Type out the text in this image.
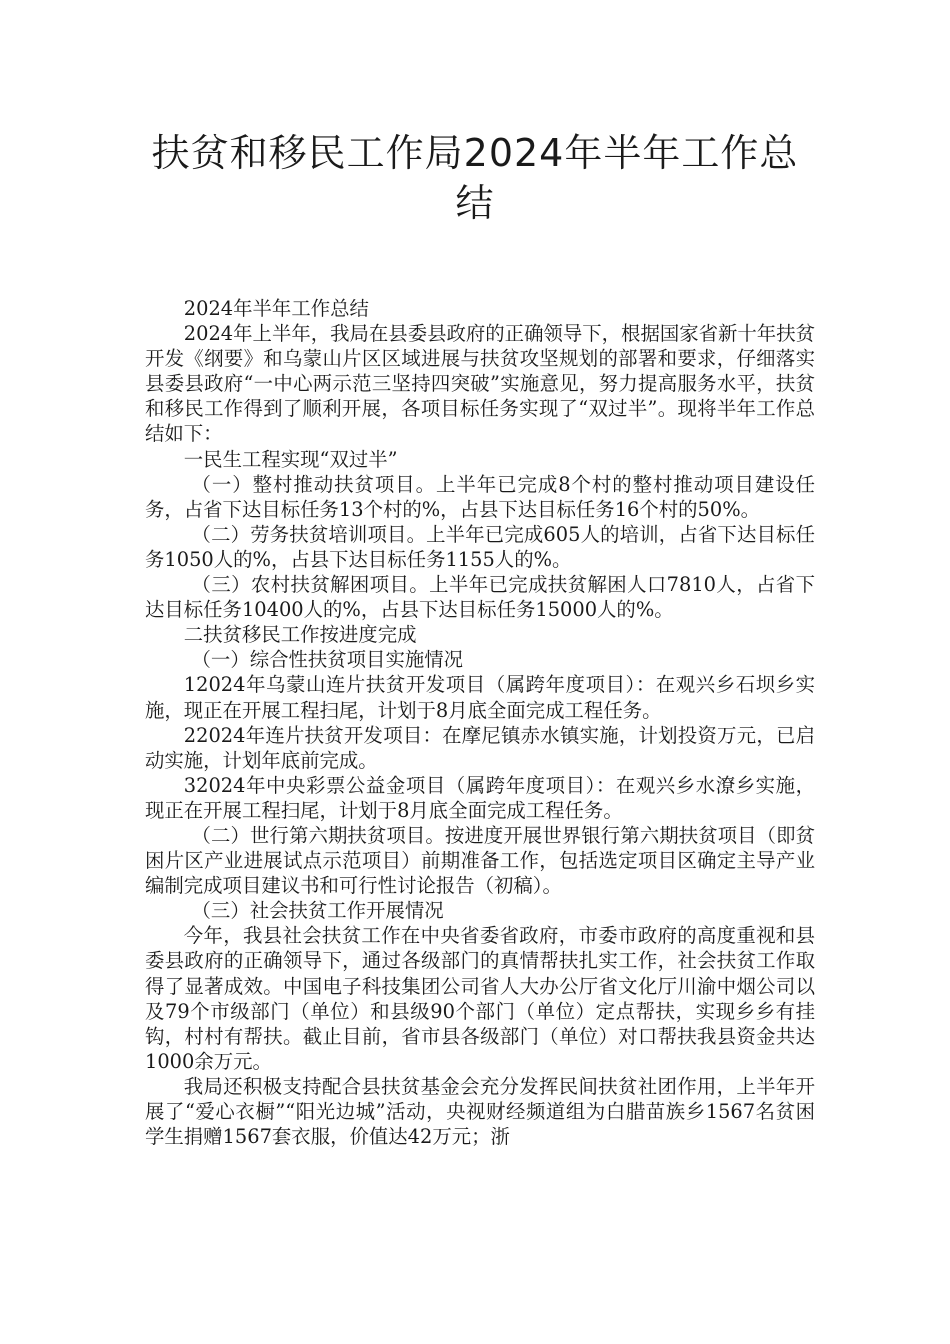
扶贫和移民工作局2024年半年工作总结

2024年半年工作总结

2024年上半年，我局在县委县政府的正确领导下，根据国家省新十年扶贫开发《纲要》和乌蒙山片区区域进展与扶贫攻坚规划的部署和要求，仔细落实县委县政府“一中心两示范三坚持四突破”实施意见，努力提高服务水平，扶贫和移民工作得到了顺利开展，各项目标任务实现了“双过半”。现将半年工作总结如下：

一民生工程实现“双过半”

（一）整村推动扶贫项目。上半年已完成8个村的整村推动项目建设任务，占省下达目标任务13个村的%，占县下达目标任务16个村的50%。

（二）劳务扶贫培训项目。上半年已完成605人的培训，占省下达目标任务1050人的%，占县下达目标任务1155人的%。

（三）农村扶贫解困项目。上半年已完成扶贫解困人口7810人，占省下达目标任务10400人的%，占县下达目标任务15000人的%。

二扶贫移民工作按进度完成

（一）综合性扶贫项目实施情况

12024年乌蒙山连片扶贫开发项目（属跨年度项目）：在观兴乡石坝乡实施，现正在开展工程扫尾，计划于8月底全面完成工程任务。

22024年连片扶贫开发项目：在摩尼镇赤水镇实施，计划投资万元，已启动实施，计划年底前完成。

32024年中央彩票公益金项目（属跨年度项目）：在观兴乡水潦乡实施，现正在开展工程扫尾，计划于8月底全面完成工程任务。

（二）世行第六期扶贫项目。按进度开展世界银行第六期扶贫项目（即贫困片区产业进展试点示范项目）前期准备工作，包括选定项目区确定主导产业编制完成项目建议书和可行性讨论报告（初稿）。

（三）社会扶贫工作开展情况

今年，我县社会扶贫工作在中央省委省政府，市委市政府的高度重视和县委县政府的正确领导下，通过各级部门的真情帮扶扎实工作，社会扶贫工作取得了显著成效。中国电子科技集团公司省人大办公厅省文化厅川渝中烟公司以及79个市级部门（单位）和县级90个部门（单位）定点帮扶，实现乡乡有挂钩，村村有帮扶。截止目前，省市县各级部门（单位）对口帮扶我县资金共达1000余万元。

我局还积极支持配合县扶贫基金会充分发挥民间扶贫社团作用，上半年开展了“爱心衣橱”“阳光边城”活动，央视财经频道组为白腊苗族乡1567名贫困学生捐赠1567套衣服，价值达42万元；浙
